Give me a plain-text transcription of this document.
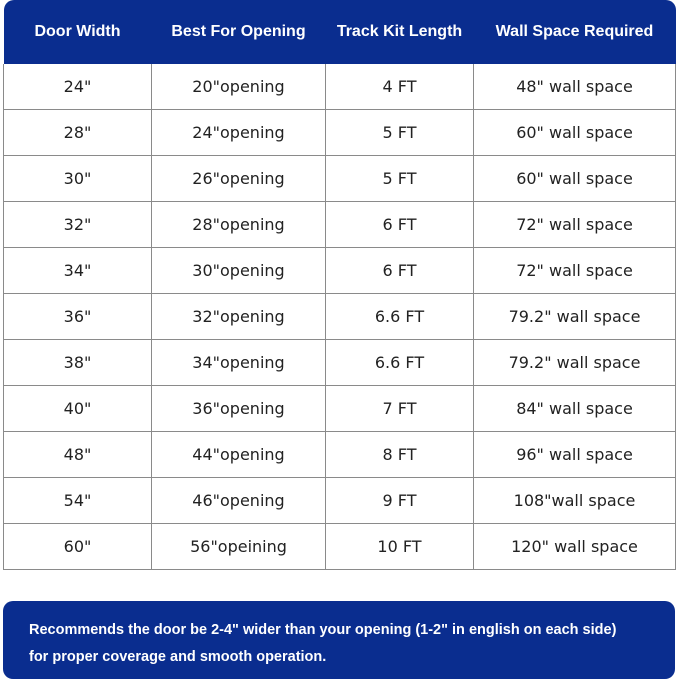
Door Width	Best For Opening	Track Kit Length	Wall Space Required
24"	20"opening	4 FT	48" wall space
28"	24"opening	5 FT	60" wall space
30"	26"opening	5 FT	60" wall space
32"	28"opening	6 FT	72" wall space
34"	30"opening	6 FT	72" wall space
36"	32"opening	6.6 FT	79.2" wall space
38"	34"opening	6.6 FT	79.2" wall space
40"	36"opening	7 FT	84" wall space
48"	44"opening	8 FT	96" wall space
54"	46"opening	9 FT	108"wall space
60"	56"opeining	10 FT	120" wall space
Recommends the door be 2-4" wider than your opening (1-2" in english on each side)
for proper coverage and smooth operation.
